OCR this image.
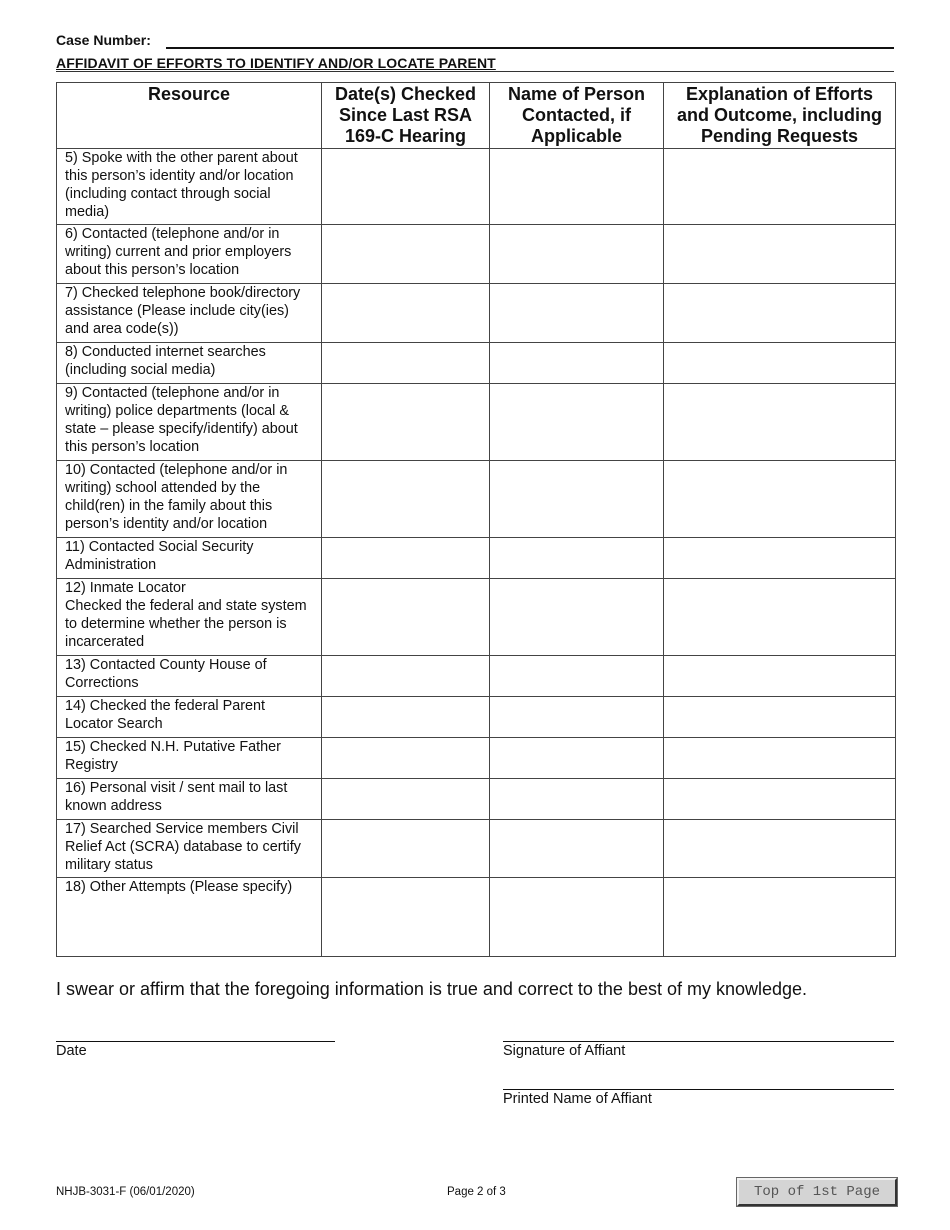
Case Number:
AFFIDAVIT OF EFFORTS TO IDENTIFY AND/OR LOCATE PARENT
Resource	Date(s) Checked Since Last RSA 169-C Hearing	Name of Person Contacted, if Applicable	Explanation of Efforts and Outcome, including Pending Requests
5) Spoke with the other parent about this person’s identity and/or location (including contact through social media)	

6) Contacted (telephone and/or in writing) current and prior employers about this person’s location	

7) Checked telephone book/directory assistance (Please include city(ies) and area code(s))	

8) Conducted internet searches (including social media)	

9) Contacted (telephone and/or in writing) police departments (local & state – please specify/identify) about this person’s location	

10) Contacted (telephone and/or in writing) school attended by the child(ren) in the family about this person’s identity and/or location	

11) Contacted Social Security Administration	

12) Inmate Locator
Checked the federal and state system to determine whether the person is incarcerated	

13) Contacted County House of Corrections	

14) Checked the federal Parent Locator Search	

15) Checked N.H. Putative Father Registry	

16) Personal visit / sent mail to last known address	

17) Searched Service members Civil Relief Act (SCRA) database to certify military status	

18) Other Attempts (Please specify)	

I swear or affirm that the foregoing information is true and correct to the best of my knowledge.
Date	Signature of Affiant
Printed Name of Affiant
NHJB-3031-F (06/01/2020)	Page 2 of 3	Top of 1st Page
